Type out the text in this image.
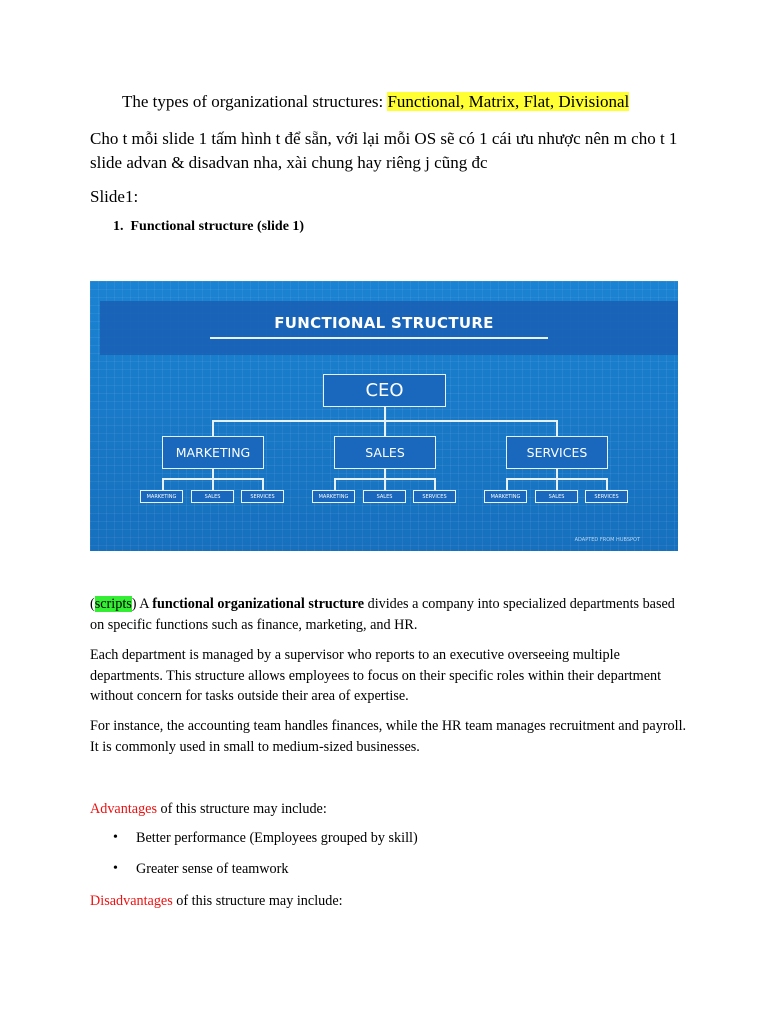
The types of organizational structures: Functional, Matrix, Flat, Divisional
Cho t mỗi slide 1 tấm hình t để sẵn, với lại mỗi OS sẽ có 1 cái ưu nhược nên m cho t 1 slide advan & disadvan nha, xài chung hay riêng j cũng đc
Slide1:
1. Functional structure (slide 1)
FUNCTIONAL STRUCTURE
CEO
MARKETING	SALES	SERVICES
MARKETING	SALES	SERVICES	MARKETING	SALES	SERVICES	MARKETING	SALES	SERVICES
ADAPTED FROM HUBSPOT
(scripts) A functional organizational structure divides a company into specialized departments based on specific functions such as finance, marketing, and HR.
Each department is managed by a supervisor who reports to an executive overseeing multiple departments. This structure allows employees to focus on their specific roles within their department without concern for tasks outside their area of expertise.
For instance, the accounting team handles finances, while the HR team manages recruitment and payroll. It is commonly used in small to medium-sized businesses.
Advantages of this structure may include:
• Better performance (Employees grouped by skill)
• Greater sense of teamwork
Disadvantages of this structure may include:
